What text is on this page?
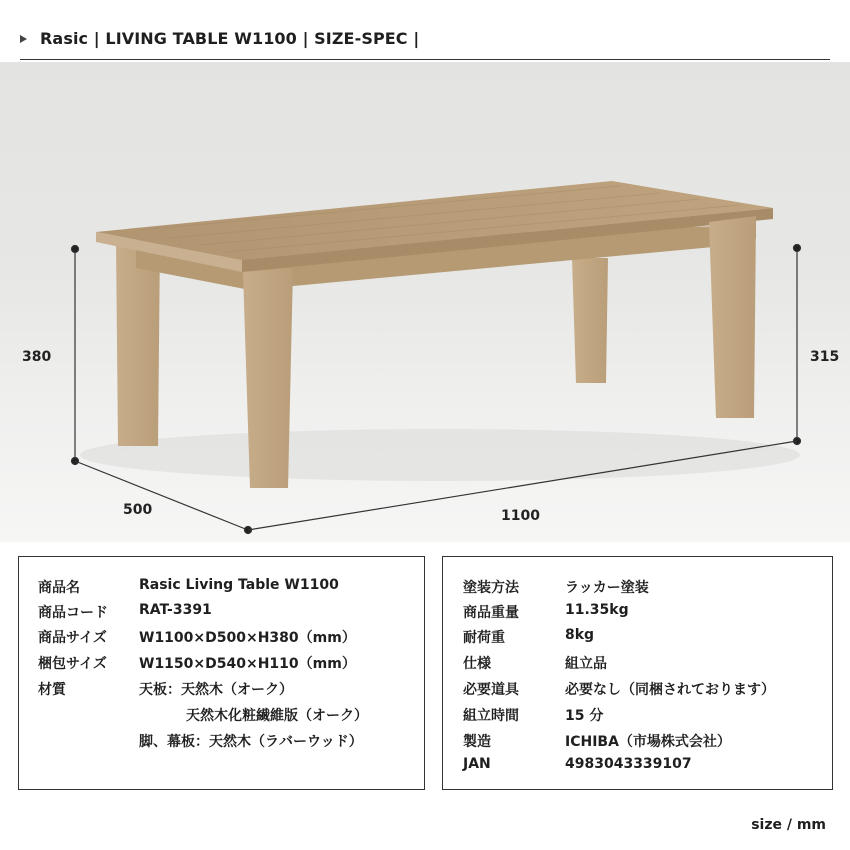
Rasic | LIVING TABLE W1100 | SIZE-SPEC |
380	315
500	1100
商品名	Rasic Living Table W1100
商品コード RAT-3391
商品サイズ W1100×D500×H380（mm）
梱包サイズ W1150×D540×H110（mm）
材質	天板：天然木（オーク）
天然木化粧繊維版（オーク）
脚、幕板：天然木（ラバーウッド）
塗装方法	ラッカー塗装
商品重量	11.35kg
耐荷重	8kg
仕様	組立品
必要道具	必要なし（同梱されております）
組立時間	15 分
製造	ICHIBA（市場株式会社）
JAN	4983043339107
size / mm
